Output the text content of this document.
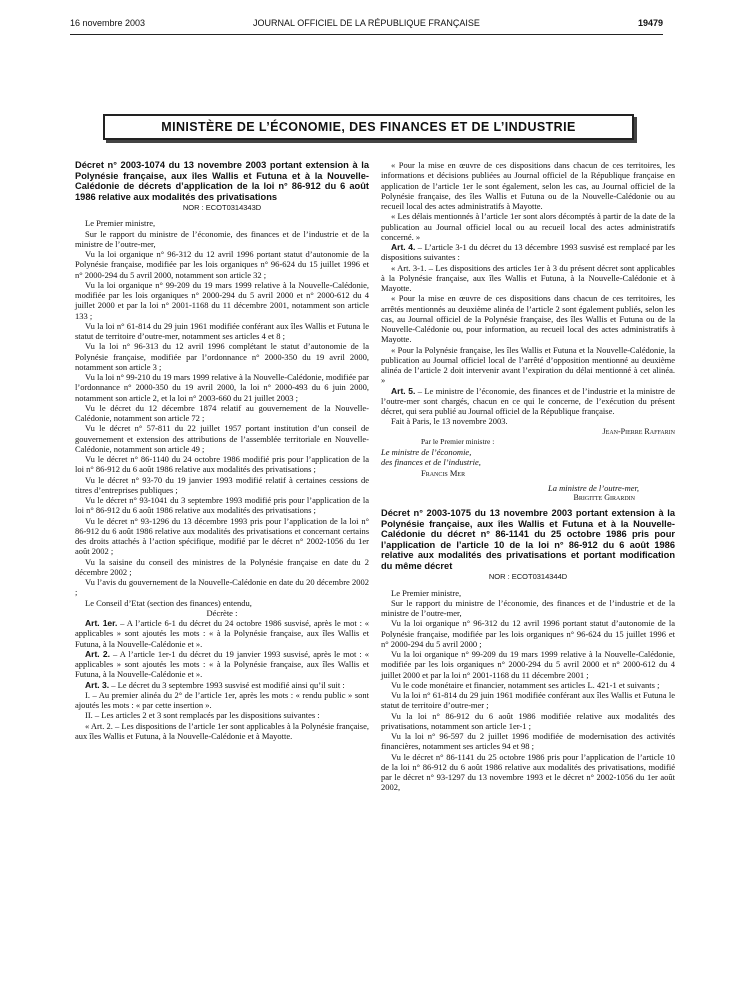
16 novembre 2003	JOURNAL OFFICIEL DE LA RÉPUBLIQUE FRANÇAISE	19479
MINISTÈRE DE L’ÉCONOMIE, DES FINANCES ET DE L’INDUSTRIE

Décret n° 2003-1074 du 13 novembre 2003 portant extension à la Polynésie française, aux îles Wallis et Futuna et à la Nouvelle-Calédonie de décrets d’application de la loi n° 86-912 du 6 août 1986 relative aux modalités des privatisations

NOR : ECOT0314343D

Le Premier ministre,

Sur le rapport du ministre de l’économie, des finances et de l’industrie et de la ministre de l’outre-mer,

Vu la loi organique n° 96-312 du 12 avril 1996 portant statut d’autonomie de la Polynésie française, modifiée par les lois organiques n° 96-624 du 15 juillet 1996 et n° 2000-294 du 5 avril 2000, notamment son article 32 ;

Vu la loi organique n° 99-209 du 19 mars 1999 relative à la Nouvelle-Calédonie, modifiée par les lois organiques n° 2000-294 du 5 avril 2000 et n° 2000-612 du 4 juillet 2000 et par la loi n° 2001-1168 du 11 décembre 2001, notamment son article 133 ;

Vu la loi n° 61-814 du 29 juin 1961 modifiée conférant aux îles Wallis et Futuna le statut de territoire d’outre-mer, notamment ses articles 4 et 8 ;

Vu la loi n° 96-313 du 12 avril 1996 complétant le statut d’autonomie de la Polynésie française, modifiée par l’ordonnance n° 2000-350 du 19 avril 2000, notamment son article 3 ;

Vu la loi n° 99-210 du 19 mars 1999 relative à la Nouvelle-Calédonie, modifiée par l’ordonnance n° 2000-350 du 19 avril 2000, la loi n° 2000-493 du 6 juin 2000, notamment son article 2, et la loi n° 2003-660 du 21 juillet 2003 ;

Vu le décret du 12 décembre 1874 relatif au gouvernement de la Nouvelle-Calédonie, notamment son article 72 ;

Vu le décret n° 57-811 du 22 juillet 1957 portant institution d’un conseil de gouvernement et extension des attributions de l’assemblée territoriale en Nouvelle-Calédonie, notamment son article 49 ;

Vu le décret n° 86-1140 du 24 octobre 1986 modifié pris pour l’application de la loi n° 86-912 du 6 août 1986 relative aux modalités des privatisations ;

Vu le décret n° 93-70 du 19 janvier 1993 modifié relatif à certaines cessions de titres d’entreprises publiques ;

Vu le décret n° 93-1041 du 3 septembre 1993 modifié pris pour l’application de la loi n° 86-912 du 6 août 1986 relative aux modalités des privatisations ;

Vu le décret n° 93-1296 du 13 décembre 1993 pris pour l’application de la loi n° 86-912 du 6 août 1986 relative aux modalités des privatisations et concernant certains des droits attachés à l’action spécifique, modifié par le décret n° 2002-1056 du 1er août 2002 ;

Vu la saisine du conseil des ministres de la Polynésie française en date du 2 décembre 2002 ;

Vu l’avis du gouvernement de la Nouvelle-Calédonie en date du 20 décembre 2002 ;

Le Conseil d’Etat (section des finances) entendu,

Décrète :

Art. 1er. – A l’article 6-1 du décret du 24 octobre 1986 susvisé, après le mot : « applicables » sont ajoutés les mots : « à la Polynésie française, aux îles Wallis et Futuna, à la Nouvelle-Calédonie et ».

Art. 2. – A l’article 1er-1 du décret du 19 janvier 1993 susvisé, après le mot : « applicables » sont ajoutés les mots : « à la Polynésie française, aux îles Wallis et Futuna, à la Nouvelle-Calédonie et ».

Art. 3. – Le décret du 3 septembre 1993 susvisé est modifié ainsi qu’il suit :

I. – Au premier alinéa du 2° de l’article 1er, après les mots : « rendu public » sont ajoutés les mots : « par cette insertion ».

II. – Les articles 2 et 3 sont remplacés par les dispositions suivantes :

« Art. 2. – Les dispositions de l’article 1er sont applicables à la Polynésie française, aux îles Wallis et Futuna, à la Nouvelle-Calédonie et à Mayotte.

« Pour la mise en œuvre de ces dispositions dans chacun de ces territoires, les informations et décisions publiées au Journal officiel de la République française en application de l’article 1er le sont également, selon les cas, au Journal officiel de la Polynésie française, des îles Wallis et Futuna ou de la Nouvelle-Calédonie ou au recueil local des actes administratifs à Mayotte.

« Les délais mentionnés à l’article 1er sont alors décomptés à partir de la date de la publication au Journal officiel local ou au recueil local des actes administratifs concerné. »

Art. 4. – L’article 3-1 du décret du 13 décembre 1993 susvisé est remplacé par les dispositions suivantes :

« Art. 3-1. – Les dispositions des articles 1er à 3 du présent décret sont applicables à la Polynésie française, aux îles Wallis et Futuna, à la Nouvelle-Calédonie et à Mayotte.

« Pour la mise en œuvre de ces dispositions dans chacun de ces territoires, les arrêtés mentionnés au deuxième alinéa de l’article 2 sont également publiés, selon les cas, au Journal officiel de la Polynésie française, des îles Wallis et Futuna ou de la Nouvelle-Calédonie ou, pour information, au recueil local des actes administratifs à Mayotte.

« Pour la Polynésie française, les îles Wallis et Futuna et la Nouvelle-Calédonie, la publication au Journal officiel local de l’arrêté d’opposition mentionné au deuxième alinéa de l’article 2 doit intervenir avant l’expiration du délai mentionné à cet alinéa. »

Art. 5. – Le ministre de l’économie, des finances et de l’industrie et la ministre de l’outre-mer sont chargés, chacun en ce qui le concerne, de l’exécution du présent décret, qui sera publié au Journal officiel de la République française.

Fait à Paris, le 13 novembre 2003.

Jean-Pierre Raffarin

Par le Premier ministre :

Le ministre de l’économie,

des finances et de l’industrie,

Francis Mer

La ministre de l’outre-mer,

Brigitte Girardin

Décret n° 2003-1075 du 13 novembre 2003 portant extension à la Polynésie française, aux îles Wallis et Futuna et à la Nouvelle-Calédonie du décret n° 86-1141 du 25 octobre 1986 pris pour l’application de l’article 10 de la loi n° 86-912 du 6 août 1986 relative aux modalités des privatisations et portant modification du même décret

NOR : ECOT0314344D

Le Premier ministre,

Sur le rapport du ministre de l’économie, des finances et de l’industrie et de la ministre de l’outre-mer,

Vu la loi organique n° 96-312 du 12 avril 1996 portant statut d’autonomie de la Polynésie française, modifiée par les lois organiques n° 96-624 du 15 juillet 1996 et n° 2000-294 du 5 avril 2000 ;

Vu la loi organique n° 99-209 du 19 mars 1999 relative à la Nouvelle-Calédonie, modifiée par les lois organiques n° 2000-294 du 5 avril 2000 et n° 2000-612 du 4 juillet 2000 et par la loi n° 2001-1168 du 11 décembre 2001 ;

Vu le code monétaire et financier, notamment ses articles L. 421-1 et suivants ;

Vu la loi n° 61-814 du 29 juin 1961 modifiée conférant aux îles Wallis et Futuna le statut de territoire d’outre-mer ;

Vu la loi n° 86-912 du 6 août 1986 modifiée relative aux modalités des privatisations, notamment son article 1er-1 ;

Vu la loi n° 96-597 du 2 juillet 1996 modifiée de modernisation des activités financières, notamment ses articles 94 et 98 ;

Vu le décret n° 86-1141 du 25 octobre 1986 pris pour l’application de l’article 10 de la loi n° 86-912 du 6 août 1986 relative aux modalités des privatisations, modifié par le décret n° 93-1297 du 13 novembre 1993 et le décret n° 2002-1056 du 1er août 2002,
